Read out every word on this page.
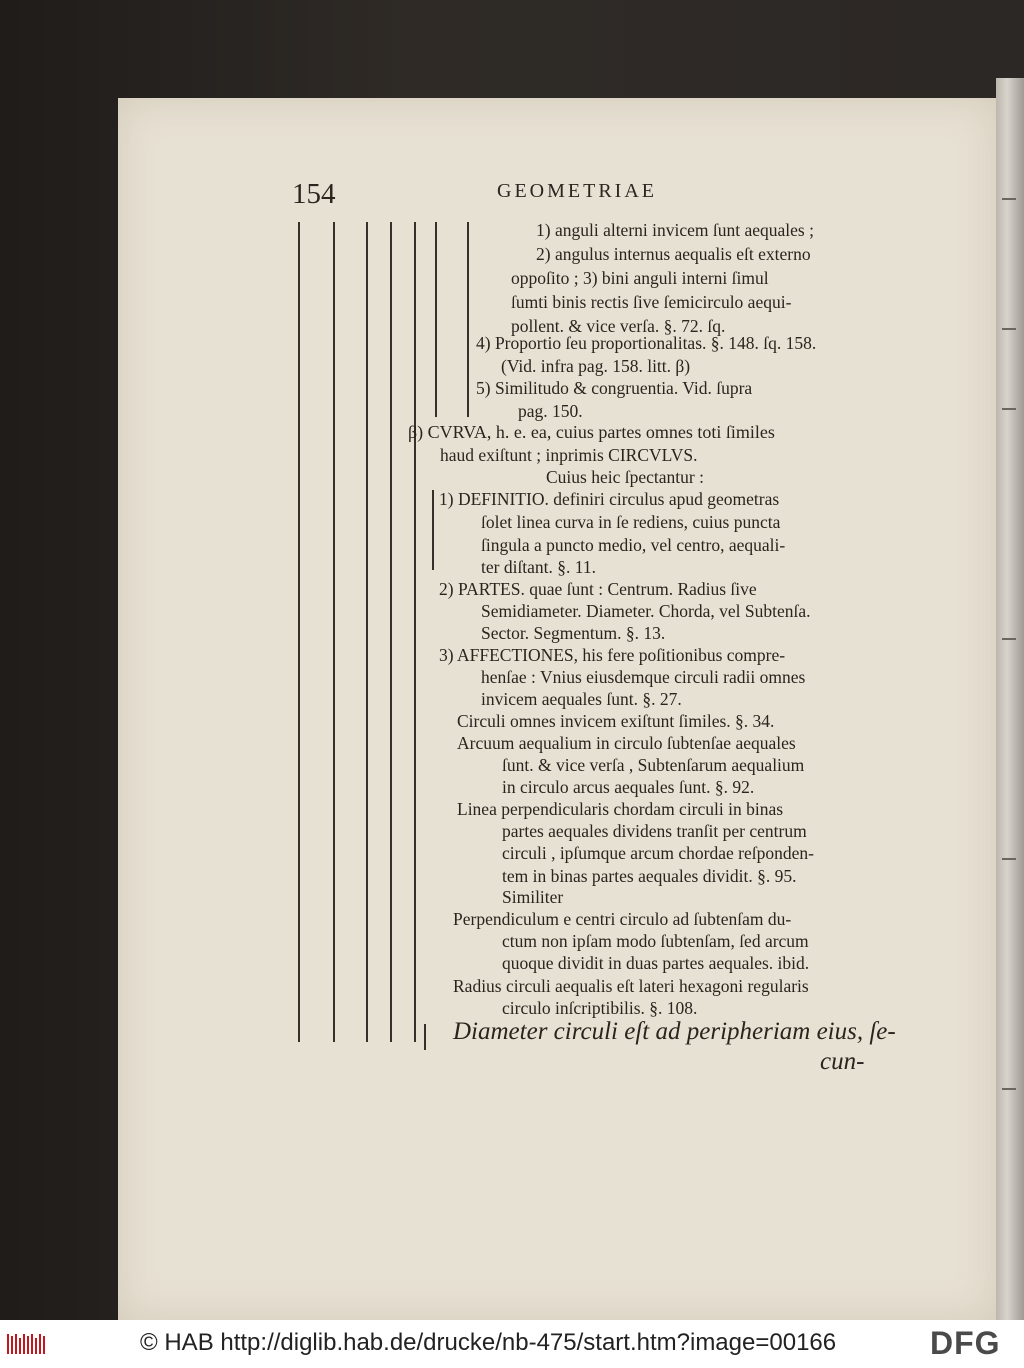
154	GEOMETRIAE
1) anguli alterni invicem ſunt aequales ;
2) angulus internus aequalis eſt externo
oppoſito ; 3) bini anguli interni ſimul
ſumti binis rectis ſive ſemicirculo aequi-
pollent. & vice verſa. §. 72. ſq.
4) Proportio ſeu proportionalitas. §. 148. ſq. 158.
(Vid. infra pag. 158. litt. β)
5) Similitudo & congruentia. Vid. ſupra
pag. 150.
β) CVRVA, h. e. ea, cuius partes omnes toti ſimiles
haud exiſtunt ; inprimis CIRCVLVS.
Cuius heic ſpectantur :
1) DEFINITIO. definiri circulus apud geometras
ſolet linea curva in ſe rediens, cuius puncta
ſingula a puncto medio, vel centro, aequali-
ter diſtant. §. 11.
2) PARTES. quae ſunt : Centrum. Radius ſive
Semidiameter. Diameter. Chorda, vel Subtenſa.
Sector. Segmentum. §. 13.
3) AFFECTIONES, his fere poſitionibus compre-
henſae : Vnius eiusdemque circuli radii omnes
invicem aequales ſunt. §. 27.
Circuli omnes invicem exiſtunt ſimiles. §. 34.
Arcuum aequalium in circulo ſubtenſae aequales
ſunt. & vice verſa , Subtenſarum aequalium
in circulo arcus aequales ſunt. §. 92.
Linea perpendicularis chordam circuli in binas
partes aequales dividens tranſit per centrum
circuli , ipſumque arcum chordae reſponden-
tem in binas partes aequales dividit. §. 95.
Similiter
Perpendiculum e centri circulo ad ſubtenſam du-
ctum non ipſam modo ſubtenſam, ſed arcum
quoque dividit in duas partes aequales. ibid.
Radius circuli aequalis eſt lateri hexagoni regularis
circulo inſcriptibilis. §. 108.
Diameter circuli eſt ad peripheriam eius, ſe-
cun-
© HAB http://diglib.hab.de/drucke/nb-475/start.htm?image=00166	DFG
